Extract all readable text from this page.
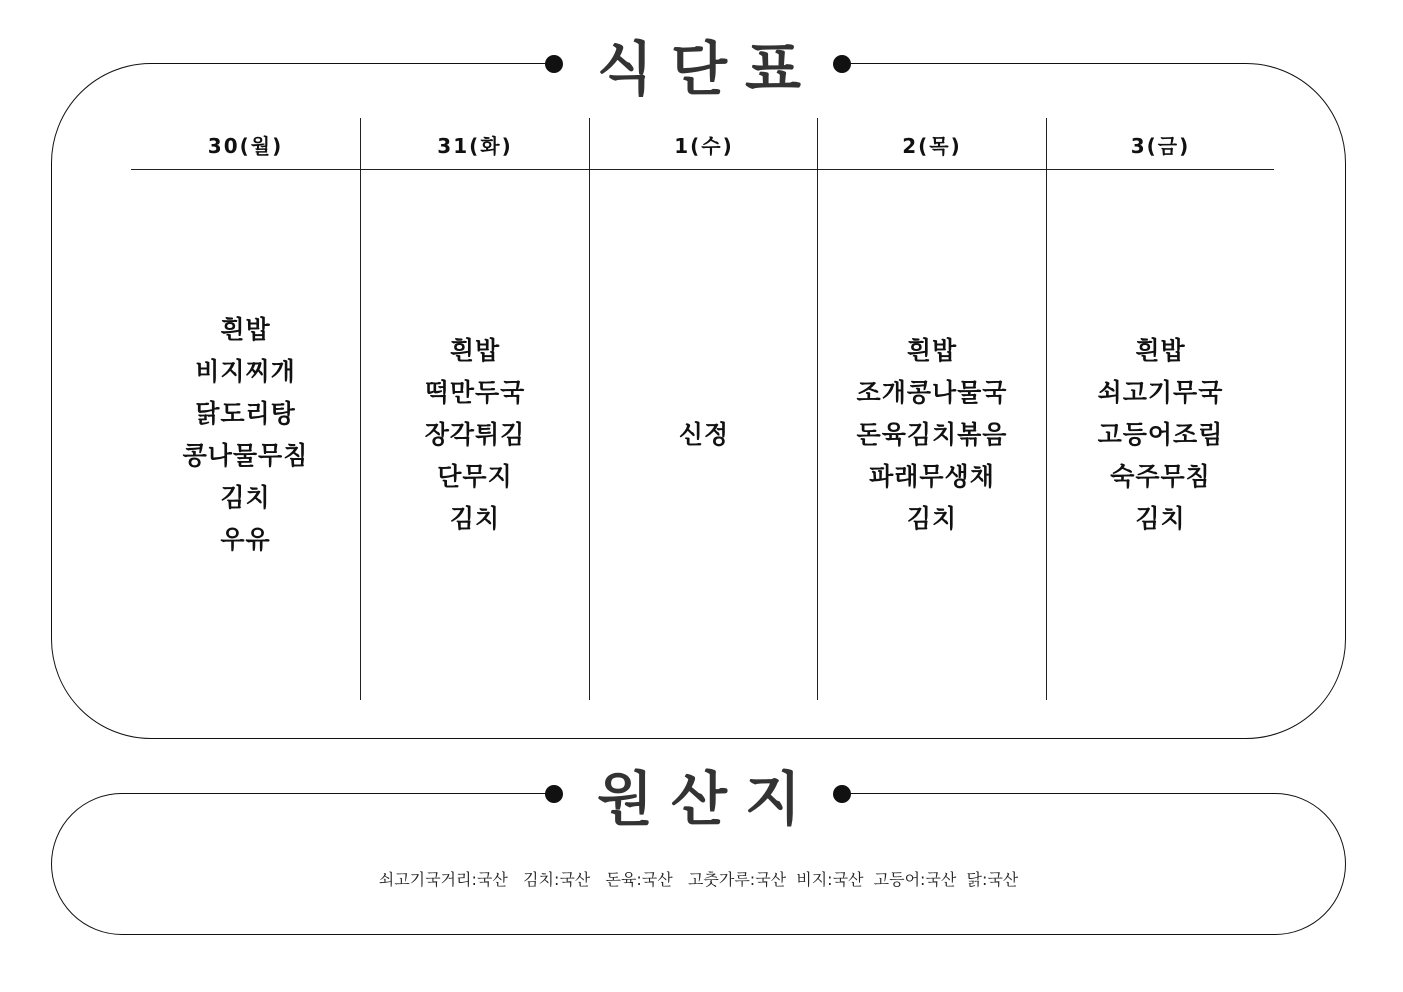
식단표
30(월)
흰밥
비지찌개
닭도리탕
콩나물무침
김치
우유
31(화)
흰밥
떡만두국
장각튀김
단무지
김치
1(수)
신정
2(목)
흰밥
조개콩나물국
돈육김치볶음
파래무생채
김치
3(금)
흰밥
쇠고기무국
고등어조림
숙주무침
김치
원산지
쇠고기국거리:국산   김치:국산   돈육:국산   고춧가루:국산  비지:국산  고등어:국산  닭:국산
